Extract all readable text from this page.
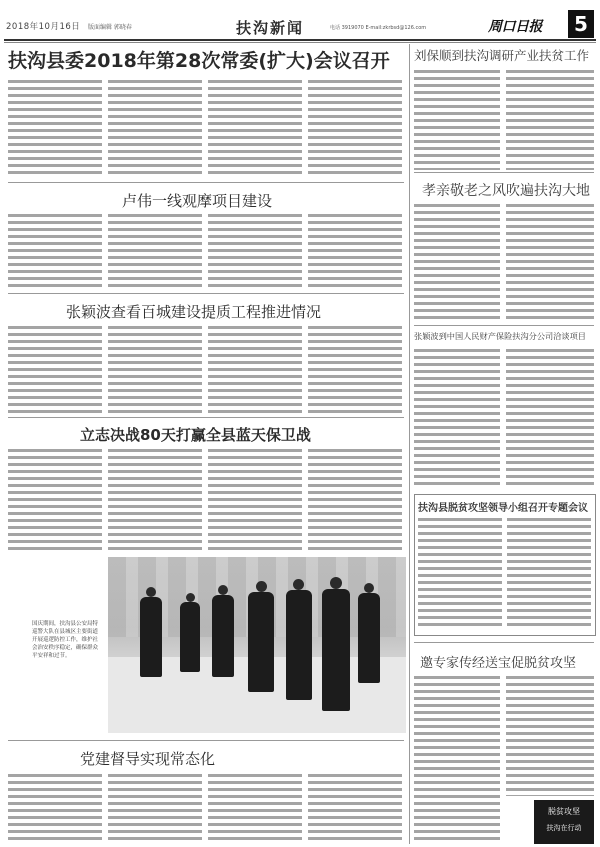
2018年10月16日 版面编辑 郭晓春	扶沟新闻	电话 3919070 E-mail:zkrbsd@126.com	周口日报	5
扶沟县委2018年第28次常委(扩大)会议召开
卢伟一线观摩项目建设
张颖波查看百城建设提质工程推进情况
立志决战80天打赢全县蓝天保卫战
国庆期间，扶沟县公安局特巡警大队在县城区主要街道开展巡逻防控工作，维护社会治安秩序稳定，确保群众平安祥和过节。
党建督导实现常态化
刘保顺到扶沟调研产业扶贫工作
孝亲敬老之风吹遍扶沟大地
张颖波到中国人民财产保险扶沟分公司洽谈项目
扶沟县脱贫攻坚领导小组召开专题会议
邀专家传经送宝促脱贫攻坚
脱贫攻坚
扶沟在行动
